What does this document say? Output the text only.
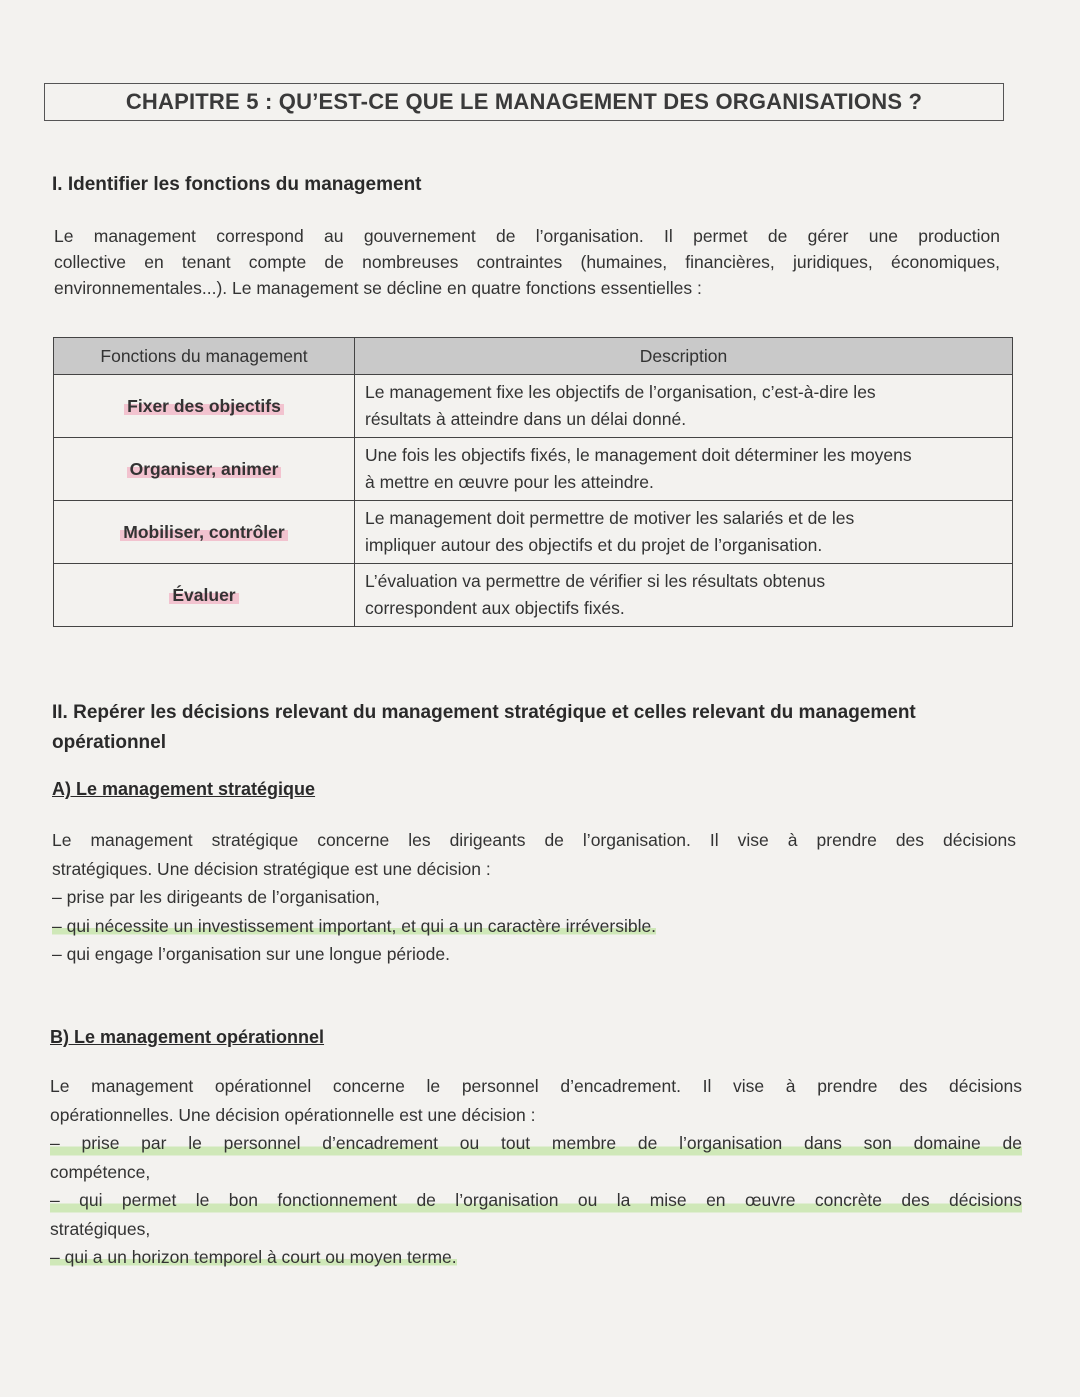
CHAPITRE 5 : QU’EST-CE QUE LE MANAGEMENT DES ORGANISATIONS ?
I. Identifier les fonctions du management
Le management correspond au gouvernement de l’organisation. Il permet de gérer une production
collective en tenant compte de nombreuses contraintes (humaines, financières, juridiques, économiques,
environnementales...). Le management se décline en quatre fonctions essentielles :
Fonctions du management	Description
Fixer des objectifs	Le management fixe les objectifs de l’organisation, c’est-à-dire les
résultats à atteindre dans un délai donné.
Organiser, animer	Une fois les objectifs fixés, le management doit déterminer les moyens
à mettre en œuvre pour les atteindre.
Mobiliser, contrôler	Le management doit permettre de motiver les salariés et de les
impliquer autour des objectifs et du projet de l’organisation.
Évaluer	L’évaluation va permettre de vérifier si les résultats obtenus
correspondent aux objectifs fixés.
II. Repérer les décisions relevant du management stratégique et celles relevant du management
opérationnel
A) Le management stratégique
Le management stratégique concerne les dirigeants de l’organisation. Il vise à prendre des décisions
stratégiques. Une décision stratégique est une décision :
– prise par les dirigeants de l’organisation,
– qui nécessite un investissement important, et qui a un caractère irréversible.
– qui engage l’organisation sur une longue période.
B) Le management opérationnel
Le management opérationnel concerne le personnel d’encadrement. Il vise à prendre des décisions
opérationnelles. Une décision opérationnelle est une décision :
– prise par le personnel d’encadrement ou tout membre de l’organisation dans son domaine de
compétence,
– qui permet le bon fonctionnement de l’organisation ou la mise en œuvre concrète des décisions
stratégiques,
– qui a un horizon temporel à court ou moyen terme.
